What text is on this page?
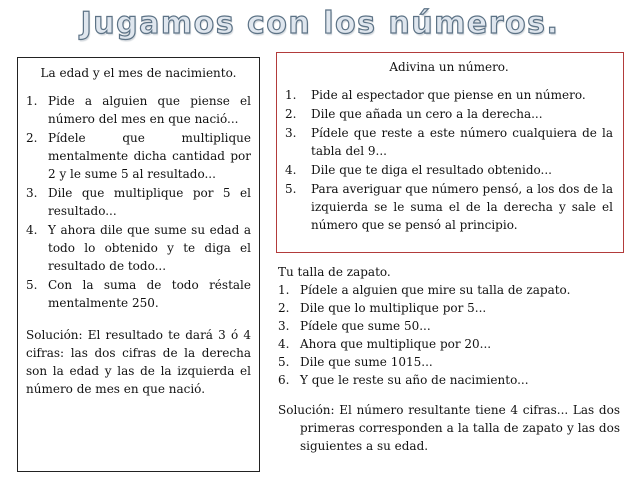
Jugamos con los números.
La edad y el mes de nacimiento.
1. Pide a alguien que piense el número del mes en que nació...
2. Pídele que multiplique mentalmente dicha cantidad por 2 y le sume 5 al resultado...
3. Dile que multiplique por 5 el resultado...
4. Y ahora dile que sume su edad a todo lo obtenido y te diga el resultado de todo...
5. Con la suma de todo réstale mentalmente 250.
Solución: El resultado te dará 3 ó 4 cifras: las dos cifras de la derecha son la edad y las de la izquierda el número de mes en que nació.
Adivina un número.
1.	Pide al espectador que piense en un número.
2.	Dile que añada un cero a la derecha...
3.	Pídele que reste a este número cualquiera de la tabla del 9...
4.	Dile que te diga el resultado obtenido...
5.	Para averiguar que número pensó, a los dos de la izquierda se le suma el de la derecha y sale el número que se pensó al principio.
Tu talla de zapato.
1. Pídele a alguien que mire su talla de zapato.
2. Dile que lo multiplique por 5...
3. Pídele que sume 50...
4. Ahora que multiplique por 20...
5. Dile que sume 1015...
6. Y que le reste su año de nacimiento...
Solución: El número resultante tiene 4 cifras... Las dos primeras corresponden a la talla de zapato y las dos siguientes a su edad.
